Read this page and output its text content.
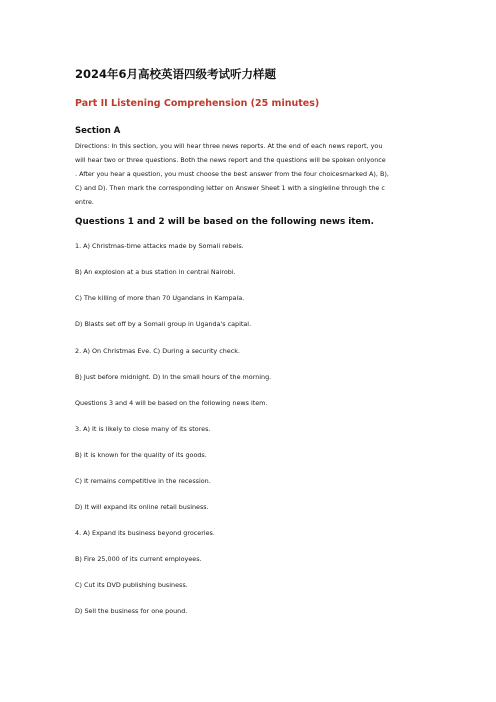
2024年6月高校英语四级考试听力样题
Part II Listening Comprehension (25 minutes)
Section A
Directions: In this section, you will hear three news reports. At the end of each news report, you
will hear two or three questions. Both the news report and the questions will be spoken onlyonce
. After you hear a question, you must choose the best answer from the four choicesmarked A), B),
C) and D). Then mark the corresponding letter on Answer Sheet 1 with a singleline through the c
entre.
Questions 1 and 2 will be based on the following news item.
1. A) Christmas-time attacks made by Somali rebels.
B) An explosion at a bus station in central Nairobi.
C) The killing of more than 70 Ugandans in Kampala.
D) Blasts set off by a Somali group in Uganda's capital.
2. A) On Christmas Eve. C) During a security check.
B) Just before midnight. D) In the small hours of the morning.
Questions 3 and 4 will be based on the following news item.
3. A) It is likely to close many of its stores.
B) It is known for the quality of its goods.
C) It remains competitive in the recession.
D) It will expand its online retail business.
4. A) Expand its business beyond groceries.
B) Fire 25,000 of its current employees.
C) Cut its DVD publishing business.
D) Sell the business for one pound.
